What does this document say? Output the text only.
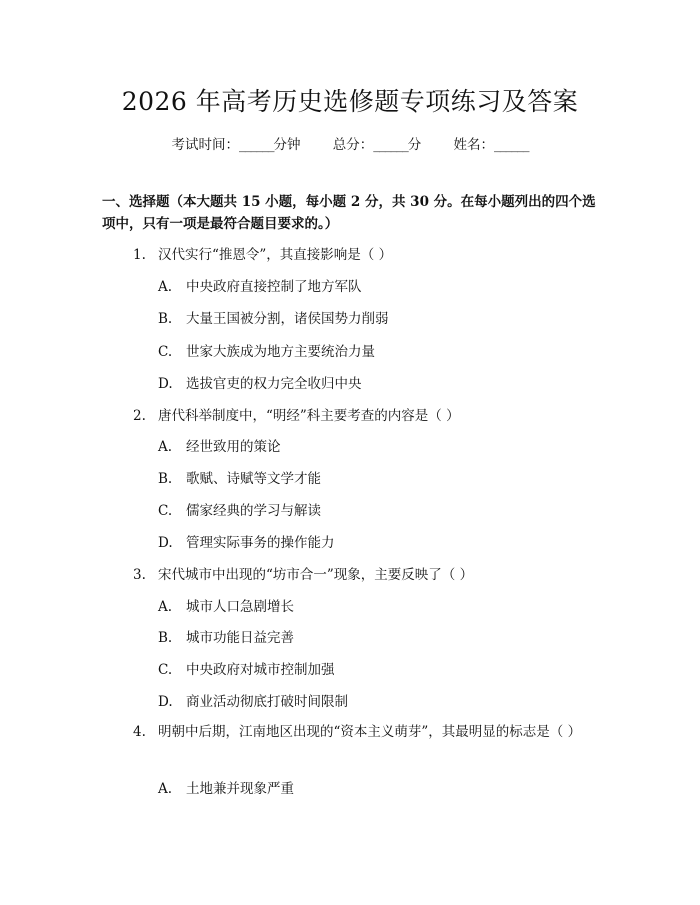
2026 年高考历史选修题专项练习及答案
考试时间：______分钟 总分：______分 姓名：______
一、选择题（本大题共 15 小题，每小题 2 分，共 30 分。在每小题列出的四个选项中，只有一项是最符合题目要求的。）
1. 汉代实行“推恩令”，其直接影响是（ ）
A. 中央政府直接控制了地方军队
B. 大量王国被分割，诸侯国势力削弱
C. 世家大族成为地方主要统治力量
D. 选拔官吏的权力完全收归中央
2. 唐代科举制度中，“明经”科主要考查的内容是（ ）
A. 经世致用的策论
B. 歌赋、诗赋等文学才能
C. 儒家经典的学习与解读
D. 管理实际事务的操作能力
3. 宋代城市中出现的“坊市合一”现象，主要反映了（ ）
A. 城市人口急剧增长
B. 城市功能日益完善
C. 中央政府对城市控制加强
D. 商业活动彻底打破时间限制
4. 明朝中后期，江南地区出现的“资本主义萌芽”，其最明显的标志是（ ）
A. 土地兼并现象严重
